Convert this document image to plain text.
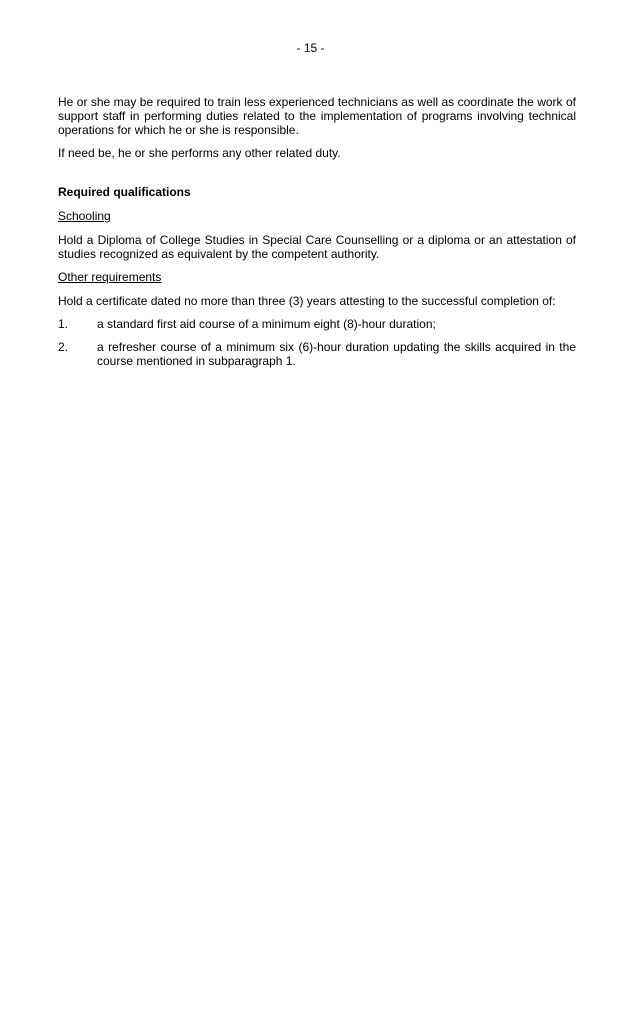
- 15 -

He or she may be required to train less experienced technicians as well as coordinate the work of support staff in performing duties related to the implementation of programs involving technical operations for which he or she is responsible.

If need be, he or she performs any other related duty.

Required qualifications
Schooling

Hold a Diploma of College Studies in Special Care Counselling or a diploma or an attestation of studies recognized as equivalent by the competent authority.

Other requirements

Hold a certificate dated no more than three (3) years attesting to the successful completion of:

1.	a standard first aid course of a minimum eight (8)-hour duration;
2.	a refresher course of a minimum six (6)-hour duration updating the skills acquired in the course mentioned in subparagraph 1.
